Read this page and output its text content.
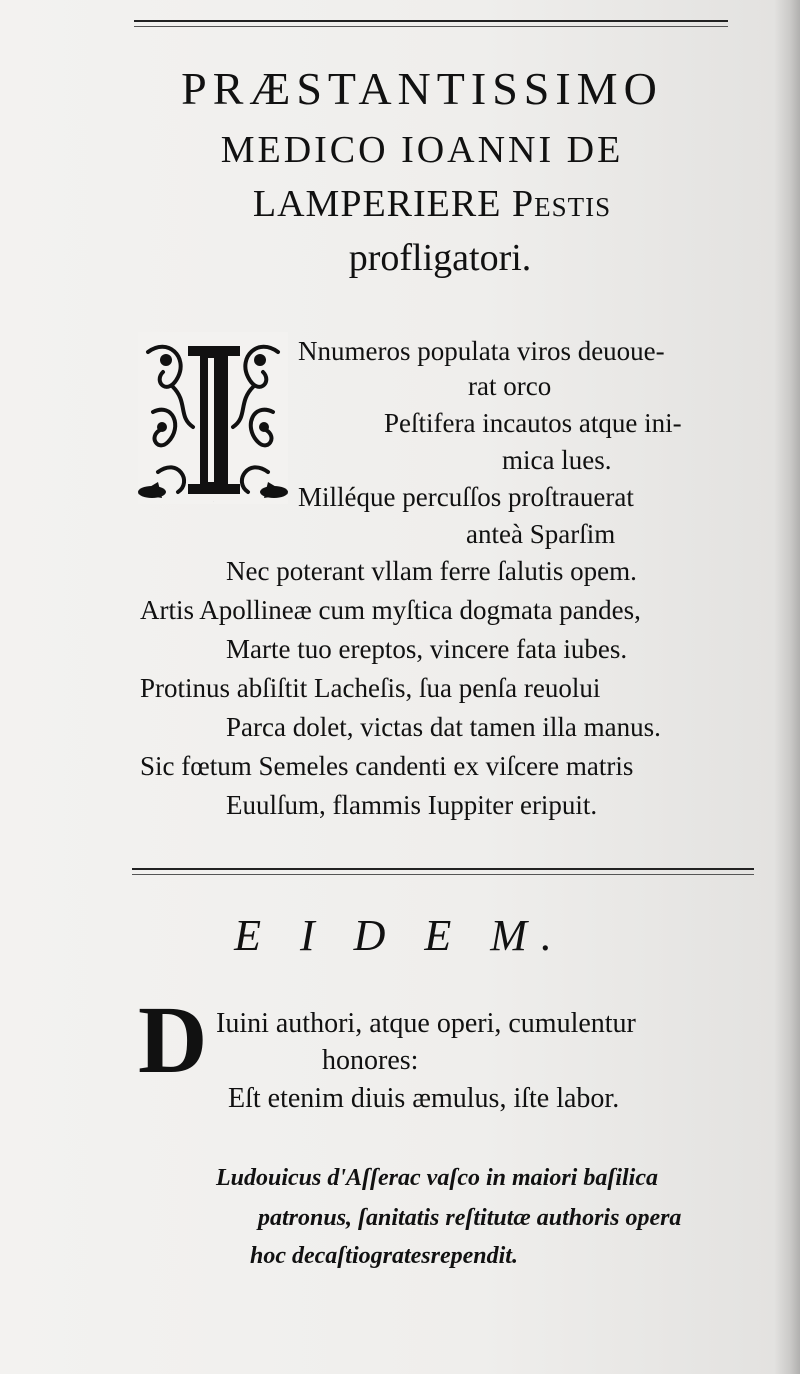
PRÆSTANTISSIMO

MEDICO IOANNI DE

LAMPERIERE Peſtis

profligatori.

I

Nnumeros populata viros deuoue-

rat orco

Peſtifera incautos atque ini-

mica lues.

Milléque percuſſos proſtrauerat

anteà Sparſim

Nec poterant vllam ferre ſalutis opem.

Artis Apollineæ cum myſtica dogmata pandes,

Marte tuo ereptos, vincere fata iubes.

Protinus abſiſtit Lacheſis, ſua penſa reuolui

Parca dolet, victas dat tamen illa manus.

Sic fœtum Semeles candenti ex viſcere matris

Euulſum, flammis Iuppiter eripuit.

E I D E M.

D Iuini authori, atque operi, cumulentur

honores:

Eſt etenim diuis æmulus, iſte labor.

Ludouicus d'Aſſerac vaſco in maiori baſilica

patronus, ſanitatis reſtitutæ authoris opera

hoc decaſtiogratesrependit.
